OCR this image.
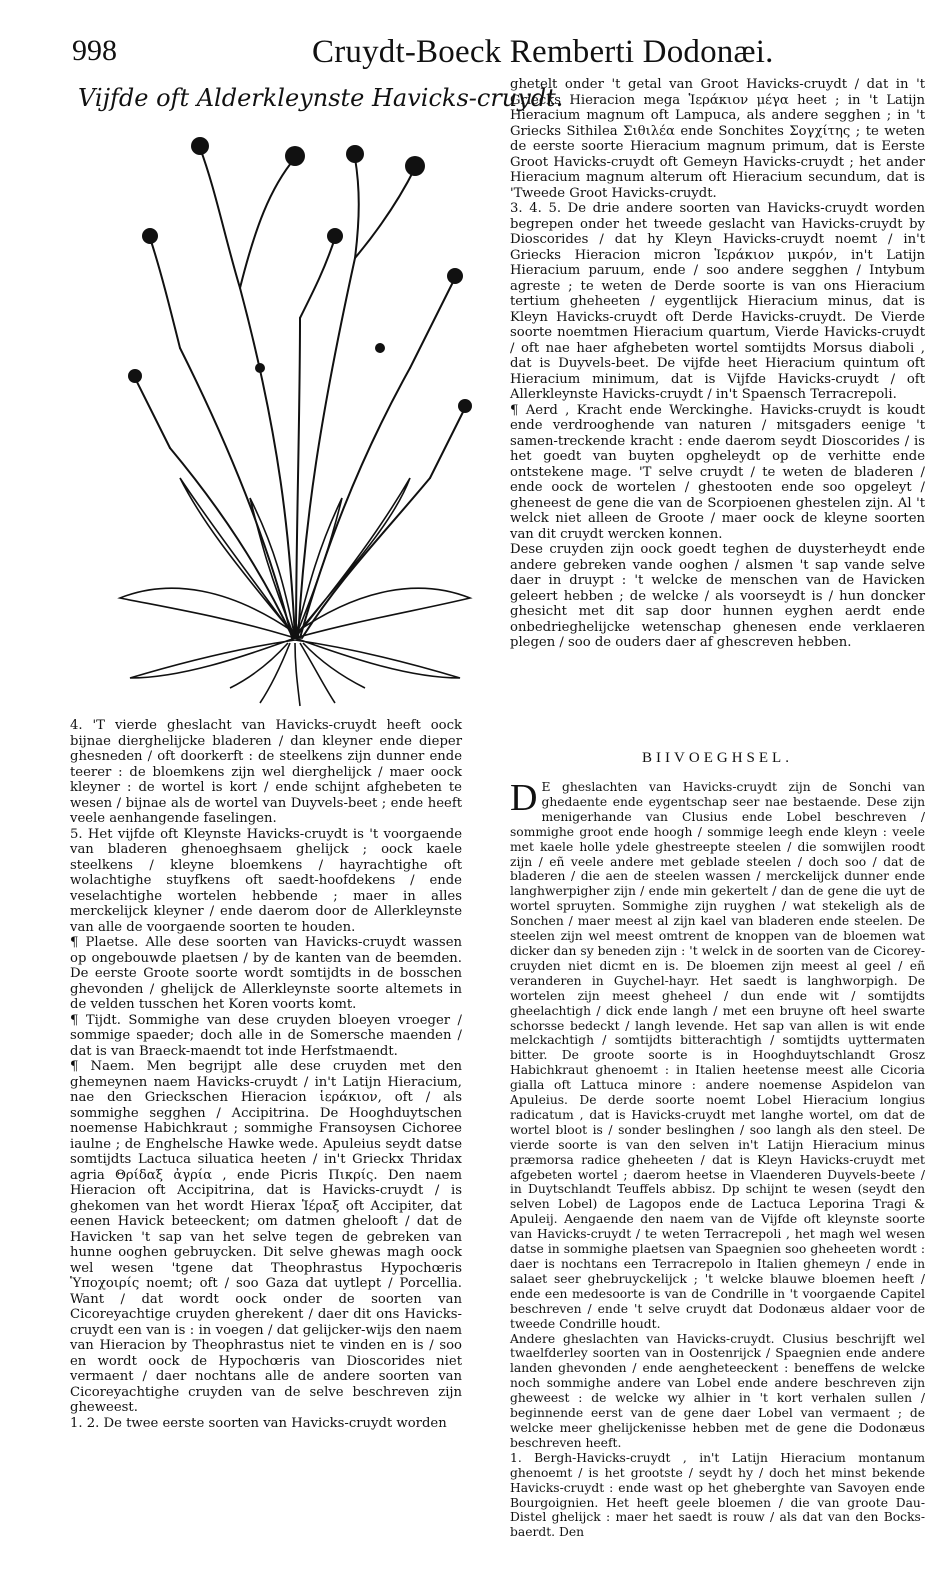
998	Cruydt-Boeck Remberti Dodonæi.
Vijfde oft Alderkleynste Havicks-cruydt.

4. 'T vierde gheslacht van Havicks-cruydt heeft oock bijnae dierghelijcke bladeren / dan kleyner ende dieper ghesneden / oft doorkerft : de steelkens zijn dunner ende teerer : de bloemkens zijn wel dierghelijck / maer oock kleyner : de wortel is kort / ende schijnt afghebeten te wesen / bijnae als de wortel van Duyvels-beet ; ende heeft veele aenhangende faselingen.

5. Het vijfde oft Kleynste Havicks-cruydt is 't voorgaende van bladeren ghenoeghsaem ghelijck ; oock kaele steelkens / kleyne bloemkens / hayrachtighe oft wolachtighe stuyfkens oft saedt-hoofdekens / ende veselachtighe wortelen hebbende ; maer in alles merckelijck kleyner / ende daerom door de Allerkleynste van alle de voorgaende soorten te houden.

¶ Plaetse. Alle dese soorten van Havicks-cruydt wassen op ongebouwde plaetsen / by de kanten van de beemden. De eerste Groote soorte wordt somtijdts in de bosschen ghevonden / ghelijck de Allerkleynste soorte altemets in de velden tusschen het Koren voorts komt.

¶ Tijdt. Sommighe van dese cruyden bloeyen vroeger / sommige spaeder; doch alle in de Somersche maenden / dat is van Braeck-maendt tot inde Herfstmaendt.

¶ Naem. Men begrijpt alle dese cruyden met den ghemeynen naem Havicks-cruydt / in't Latijn Hieracium, nae den Grieckschen Hieracion ἱεράκιον, oft / als sommighe segghen / Accipitrina. De Hooghduytschen noemense Habichkraut ; sommighe Fransoysen Cichoree iaulne ; de Enghelsche Hawke wede. Apuleius seydt datse somtijdts Lactuca siluatica heeten / in't Grieckx Thridax agria Θρίδαξ ἀγρία , ende Picris Πικρίς. Den naem Hieracion oft Accipitrina, dat is Havicks-cruydt / is ghekomen van het wordt Hierax Ἱέραξ oft Accipiter, dat eenen Havick beteeckent; om datmen ghelooft / dat de Havicken 't sap van het selve tegen de gebreken van hunne ooghen gebruycken. Dit selve ghewas magh oock wel wesen 'tgene dat Theophrastus Hypochœris Ὑποχοιρίς noemt; oft / soo Gaza dat uytlept / Porcellia. Want / dat wordt oock onder de soorten van Cicoreyachtige cruyden gherekent / daer dit ons Havicks-cruydt een van is : in voegen / dat gelijcker-wijs den naem van Hieracion by Theophrastus niet te vinden en is / soo en wordt oock de Hypochœris van Dioscorides niet vermaent / daer nochtans alle de andere soorten van Cicoreyachtighe cruyden van de selve beschreven zijn gheweest.

1. 2. De twee eerste soorten van Havicks-cruydt worden

ghetelt onder 't getal van Groot Havicks-cruydt / dat in 't Griecks Hieracion mega Ἱεράκιον μέγα heet ; in 't Latijn Hieracium magnum oft Lampuca, als andere segghen ; in 't Griecks Sithilea Σιθιλέα ende Sonchites Σογχίτης ; te weten de eerste soorte Hieracium magnum primum, dat is Eerste Groot Havicks-cruydt oft Gemeyn Havicks-cruydt ; het ander Hieracium magnum alterum oft Hieracium secundum, dat is 'Tweede Groot Havicks-cruydt.

3. 4. 5. De drie andere soorten van Havicks-cruydt worden begrepen onder het tweede geslacht van Havicks-cruydt by Dioscorides / dat hy Kleyn Havicks-cruydt noemt / in't Griecks Hieracion micron Ἱεράκιον μικρόν, in't Latijn Hieracium paruum, ende / soo andere segghen / Intybum agreste ; te weten de Derde soorte is van ons Hieracium tertium gheheeten / eygentlijck Hieracium minus, dat is Kleyn Havicks-cruydt oft Derde Havicks-cruydt. De Vierde soorte noemtmen Hieracium quartum, Vierde Havicks-cruydt / oft nae haer afghebeten wortel somtijdts Morsus diaboli , dat is Duyvels-beet. De vijfde heet Hieracium quintum oft Hieracium minimum, dat is Vijfde Havicks-cruydt / oft Allerkleynste Havicks-cruydt / in't Spaensch Terracrepoli.

¶ Aerd , Kracht ende Werckinghe. Havicks-cruydt is koudt ende verdrooghende van naturen / mitsgaders eenige 't samen-treckende kracht : ende daerom seydt Dioscorides / is het goedt van buyten opgheleydt op de verhitte ende ontstekene mage. 'T selve cruydt / te weten de bladeren / ende oock de wortelen / ghestooten ende soo opgeleyt / gheneest de gene die van de Scorpioenen ghestelen zijn. Al 't welck niet alleen de Groote / maer oock de kleyne soorten van dit cruydt wercken konnen.

Dese cruyden zijn oock goedt teghen de duysterheydt ende andere gebreken vande ooghen / alsmen 't sap vande selve daer in druypt : 't welcke de menschen van de Havicken geleert hebben ; de welcke / als voorseydt is / hun doncker ghesicht met dit sap door hunnen eyghen aerdt ende onbedrieghelijcke wetenschap ghenesen ende verklaeren plegen / soo de ouders daer af ghescreven hebben.

BIIVOEGHSEL.

D E gheslachten van Havicks-cruydt zijn de Sonchi van ghedaente ende eygentschap seer nae bestaende. Dese zijn menigerhande van Clusius ende Lobel beschreven / sommighe groot ende hoogh / sommige leegh ende kleyn : veele met kaele holle ydele ghestreepte steelen / die somwijlen roodt zijn / eñ veele andere met geblade steelen / doch soo / dat de bladeren / die aen de steelen wassen / merckelijck dunner ende langhwerpigher zijn / ende min gekertelt / dan de gene die uyt de wortel spruyten. Sommighe zijn ruyghen / wat stekeligh als de Sonchen / maer meest al zijn kael van bladeren ende steelen. De steelen zijn wel meest omtrent de knoppen van de bloemen wat dicker dan sy beneden zijn : 't welck in de soorten van de Cicorey-cruyden niet dicmt en is. De bloemen zijn meest al geel / eñ veranderen in Guychel-hayr. Het saedt is langhworpigh. De wortelen zijn meest gheheel / dun ende wit / somtijdts gheelachtigh / dick ende langh / met een bruyne oft heel swarte schorsse bedeckt / langh levende. Het sap van allen is wit ende melckachtigh / somtijdts bitterachtigh / somtijdts uyttermaten bitter. De groote soorte is in Hooghduytschlandt Grosz Habichkraut ghenoemt : in Italien heetense meest alle Cicoria gialla oft Lattuca minore : andere noemense Aspidelon van Apuleius. De derde soorte noemt Lobel Hieracium longius radicatum , dat is Havicks-cruydt met langhe wortel, om dat de wortel bloot is / sonder beslinghen / soo langh als den steel. De vierde soorte is van den selven in't Latijn Hieracium minus præmorsa radice gheheeten / dat is Kleyn Havicks-cruydt met afgebeten wortel ; daerom heetse in Vlaenderen Duyvels-beete / in Duytschlandt Teuffels abbisz. Dp schijnt te wesen (seydt den selven Lobel) de Lagopos ende de Lactuca Leporina Tragi & Apuleij. Aengaende den naem van de Vijfde oft kleynste soorte van Havicks-cruydt / te weten Terracrepoli , het magh wel wesen datse in sommighe plaetsen van Spaegnien soo gheheeten wordt : daer is nochtans een Terracrepolo in Italien ghemeyn / ende in salaet seer ghebruyckelijck ; 't welcke blauwe bloemen heeft / ende een medesoorte is van de Condrille in 't voorgaende Capitel beschreven / ende 't selve cruydt dat Dodonæus aldaer voor de tweede Condrille houdt.

Andere gheslachten van Havicks-cruydt. Clusius beschrijft wel twaelfderley soorten van in Oostenrijck / Spaegnien ende andere landen ghevonden / ende aengheteeckent : beneffens de welcke noch sommighe andere van Lobel ende andere beschreven zijn gheweest : de welcke wy alhier in 't kort verhalen sullen / beginnende eerst van de gene daer Lobel van vermaent ; de welcke meer ghelijckenisse hebben met de gene die Dodonæus beschreven heeft.

1. Bergh-Havicks-cruydt , in't Latijn Hieracium montanum ghenoemt / is het grootste / seydt hy / doch het minst bekende Havicks-cruydt : ende wast op het gheberghte van Savoyen ende Bourgoignien. Het heeft geele bloemen / die van groote Dau-Distel ghelijck : maer het saedt is rouw / als dat van den Bocks-baerdt. Den
